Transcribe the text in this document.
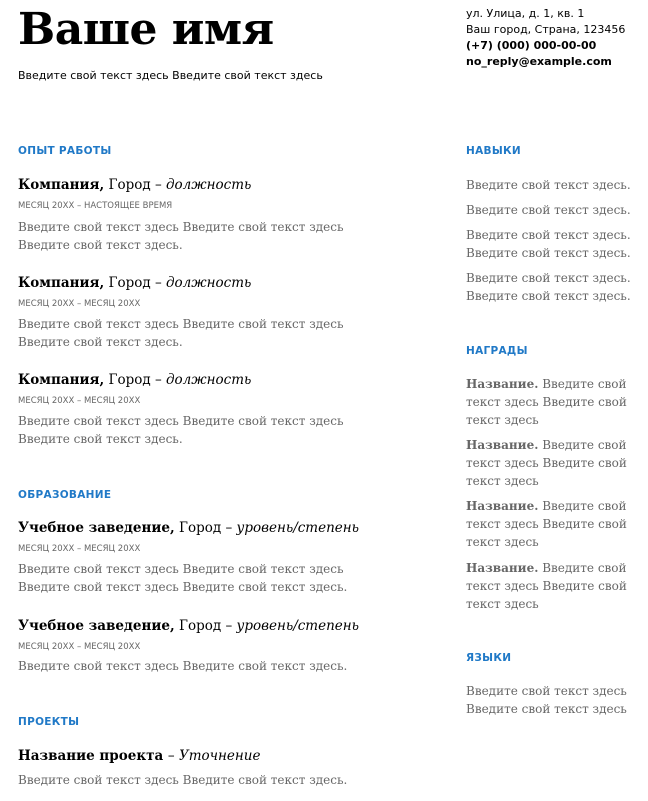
Ваше имя
Введите свой текст здесь Введите свой текст здесь
ул. Улица, д. 1, кв. 1
Ваш город, Страна, 123456
(+7) (000) 000-00-00
no_reply@example.com
ОПЫТ РАБОТЫ
Компания, Город – должность
МЕСЯЦ 20XX – НАСТОЯЩЕЕ ВРЕМЯ
Введите свой текст здесь Введите свой текст здесь Введите свой текст здесь.
Компания, Город – должность
МЕСЯЦ 20XX – МЕСЯЦ 20XX
Введите свой текст здесь Введите свой текст здесь Введите свой текст здесь.
Компания, Город – должность
МЕСЯЦ 20XX – МЕСЯЦ 20XX
Введите свой текст здесь Введите свой текст здесь Введите свой текст здесь.
ОБРАЗОВАНИЕ
Учебное заведение, Город – уровень/степень
МЕСЯЦ 20XX – МЕСЯЦ 20XX
Введите свой текст здесь Введите свой текст здесь Введите свой текст здесь Введите свой текст здесь.
Учебное заведение, Город – уровень/степень
МЕСЯЦ 20XX – МЕСЯЦ 20XX
Введите свой текст здесь Введите свой текст здесь.
ПРОЕКТЫ
Название проекта – Уточнение
Введите свой текст здесь Введите свой текст здесь.
НАВЫКИ
Введите свой текст здесь.
Введите свой текст здесь.
Введите свой текст здесь. Введите свой текст здесь.
Введите свой текст здесь. Введите свой текст здесь.
НАГРАДЫ
Название. Введите свой текст здесь Введите свой текст здесь
Название. Введите свой текст здесь Введите свой текст здесь
Название. Введите свой текст здесь Введите свой текст здесь
Название. Введите свой текст здесь Введите свой текст здесь
ЯЗЫКИ
Введите свой текст здесь Введите свой текст здесь
